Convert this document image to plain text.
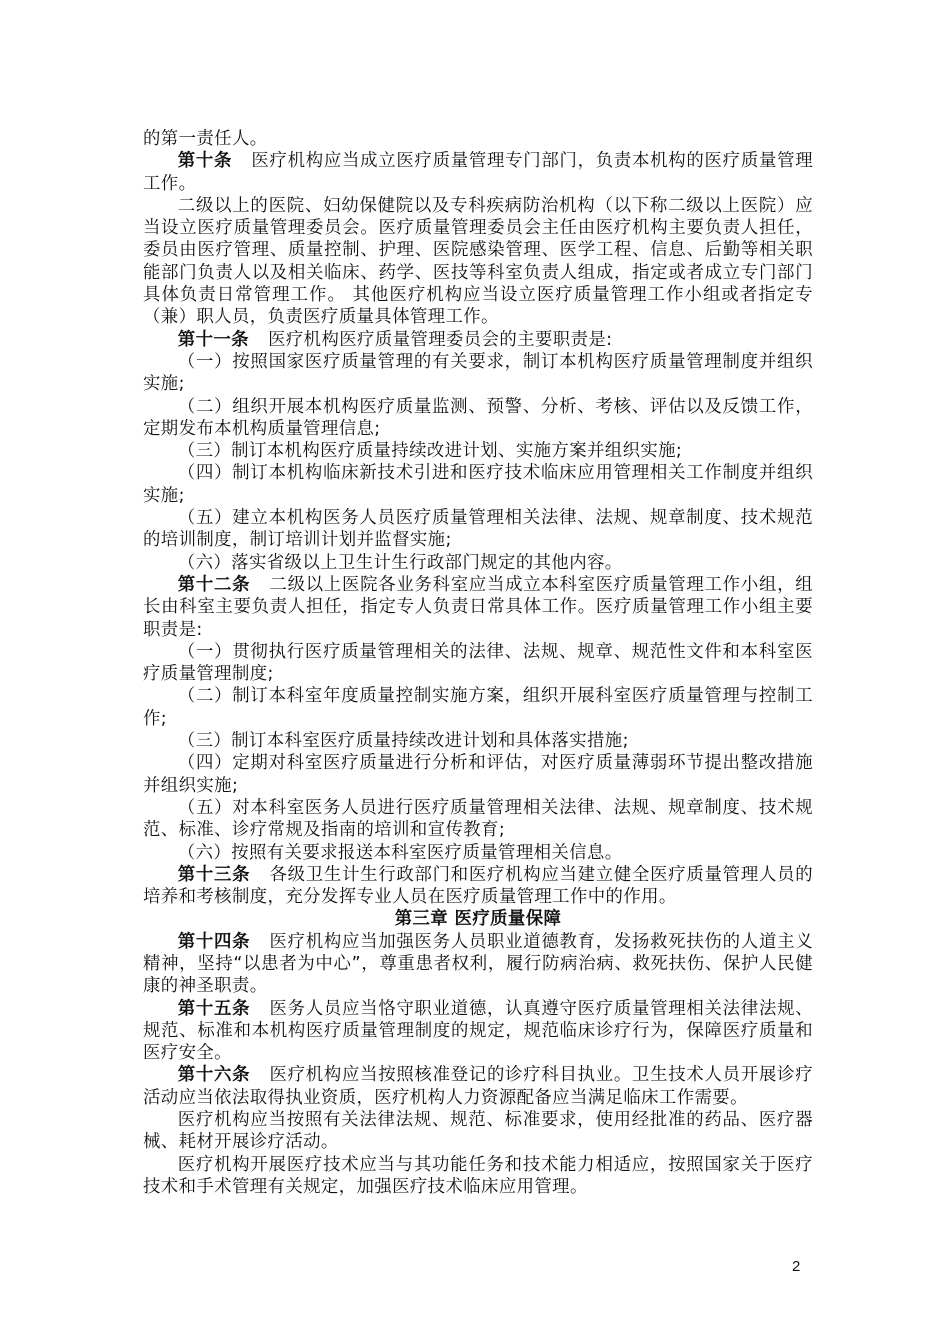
的第一责任人。

第十条 医疗机构应当成立医疗质量管理专门部门，负责本机构的医疗质量管理工作。

二级以上的医院、妇幼保健院以及专科疾病防治机构（以下称二级以上医院）应当设立医疗质量管理委员会。医疗质量管理委员会主任由医疗机构主要负责人担任，委员由医疗管理、质量控制、护理、医院感染管理、医学工程、信息、后勤等相关职能部门负责人以及相关临床、药学、医技等科室负责人组成，指定或者成立专门部门具体负责日常管理工作。 其他医疗机构应当设立医疗质量管理工作小组或者指定专（兼）职人员，负责医疗质量具体管理工作。

第十一条 医疗机构医疗质量管理委员会的主要职责是:

（一）按照国家医疗质量管理的有关要求，制订本机构医疗质量管理制度并组织实施;

（二）组织开展本机构医疗质量监测、预警、分析、考核、评估以及反馈工作，定期发布本机构质量管理信息;

（三）制订本机构医疗质量持续改进计划、实施方案并组织实施;

（四）制订本机构临床新技术引进和医疗技术临床应用管理相关工作制度并组织实施;

（五）建立本机构医务人员医疗质量管理相关法律、法规、规章制度、技术规范的培训制度，制订培训计划并监督实施;

（六）落实省级以上卫生计生行政部门规定的其他内容。

第十二条 二级以上医院各业务科室应当成立本科室医疗质量管理工作小组，组长由科室主要负责人担任，指定专人负责日常具体工作。医疗质量管理工作小组主要职责是:

（一）贯彻执行医疗质量管理相关的法律、法规、规章、规范性文件和本科室医疗质量管理制度;

（二）制订本科室年度质量控制实施方案，组织开展科室医疗质量管理与控制工作;

（三）制订本科室医疗质量持续改进计划和具体落实措施;

（四）定期对科室医疗质量进行分析和评估，对医疗质量薄弱环节提出整改措施并组织实施;

（五）对本科室医务人员进行医疗质量管理相关法律、法规、规章制度、技术规范、标准、诊疗常规及指南的培训和宣传教育;

（六）按照有关要求报送本科室医疗质量管理相关信息。

第十三条 各级卫生计生行政部门和医疗机构应当建立健全医疗质量管理人员的培养和考核制度，充分发挥专业人员在医疗质量管理工作中的作用。

第三章 医疗质量保障

第十四条 医疗机构应当加强医务人员职业道德教育，发扬救死扶伤的人道主义精神，坚持“以患者为中心”，尊重患者权利，履行防病治病、救死扶伤、保护人民健康的神圣职责。

第十五条 医务人员应当恪守职业道德，认真遵守医疗质量管理相关法律法规、规范、标准和本机构医疗质量管理制度的规定，规范临床诊疗行为，保障医疗质量和医疗安全。

第十六条 医疗机构应当按照核准登记的诊疗科目执业。卫生技术人员开展诊疗活动应当依法取得执业资质，医疗机构人力资源配备应当满足临床工作需要。

医疗机构应当按照有关法律法规、规范、标准要求，使用经批准的药品、医疗器械、耗材开展诊疗活动。

医疗机构开展医疗技术应当与其功能任务和技术能力相适应，按照国家关于医疗技术和手术管理有关规定，加强医疗技术临床应用管理。

2
